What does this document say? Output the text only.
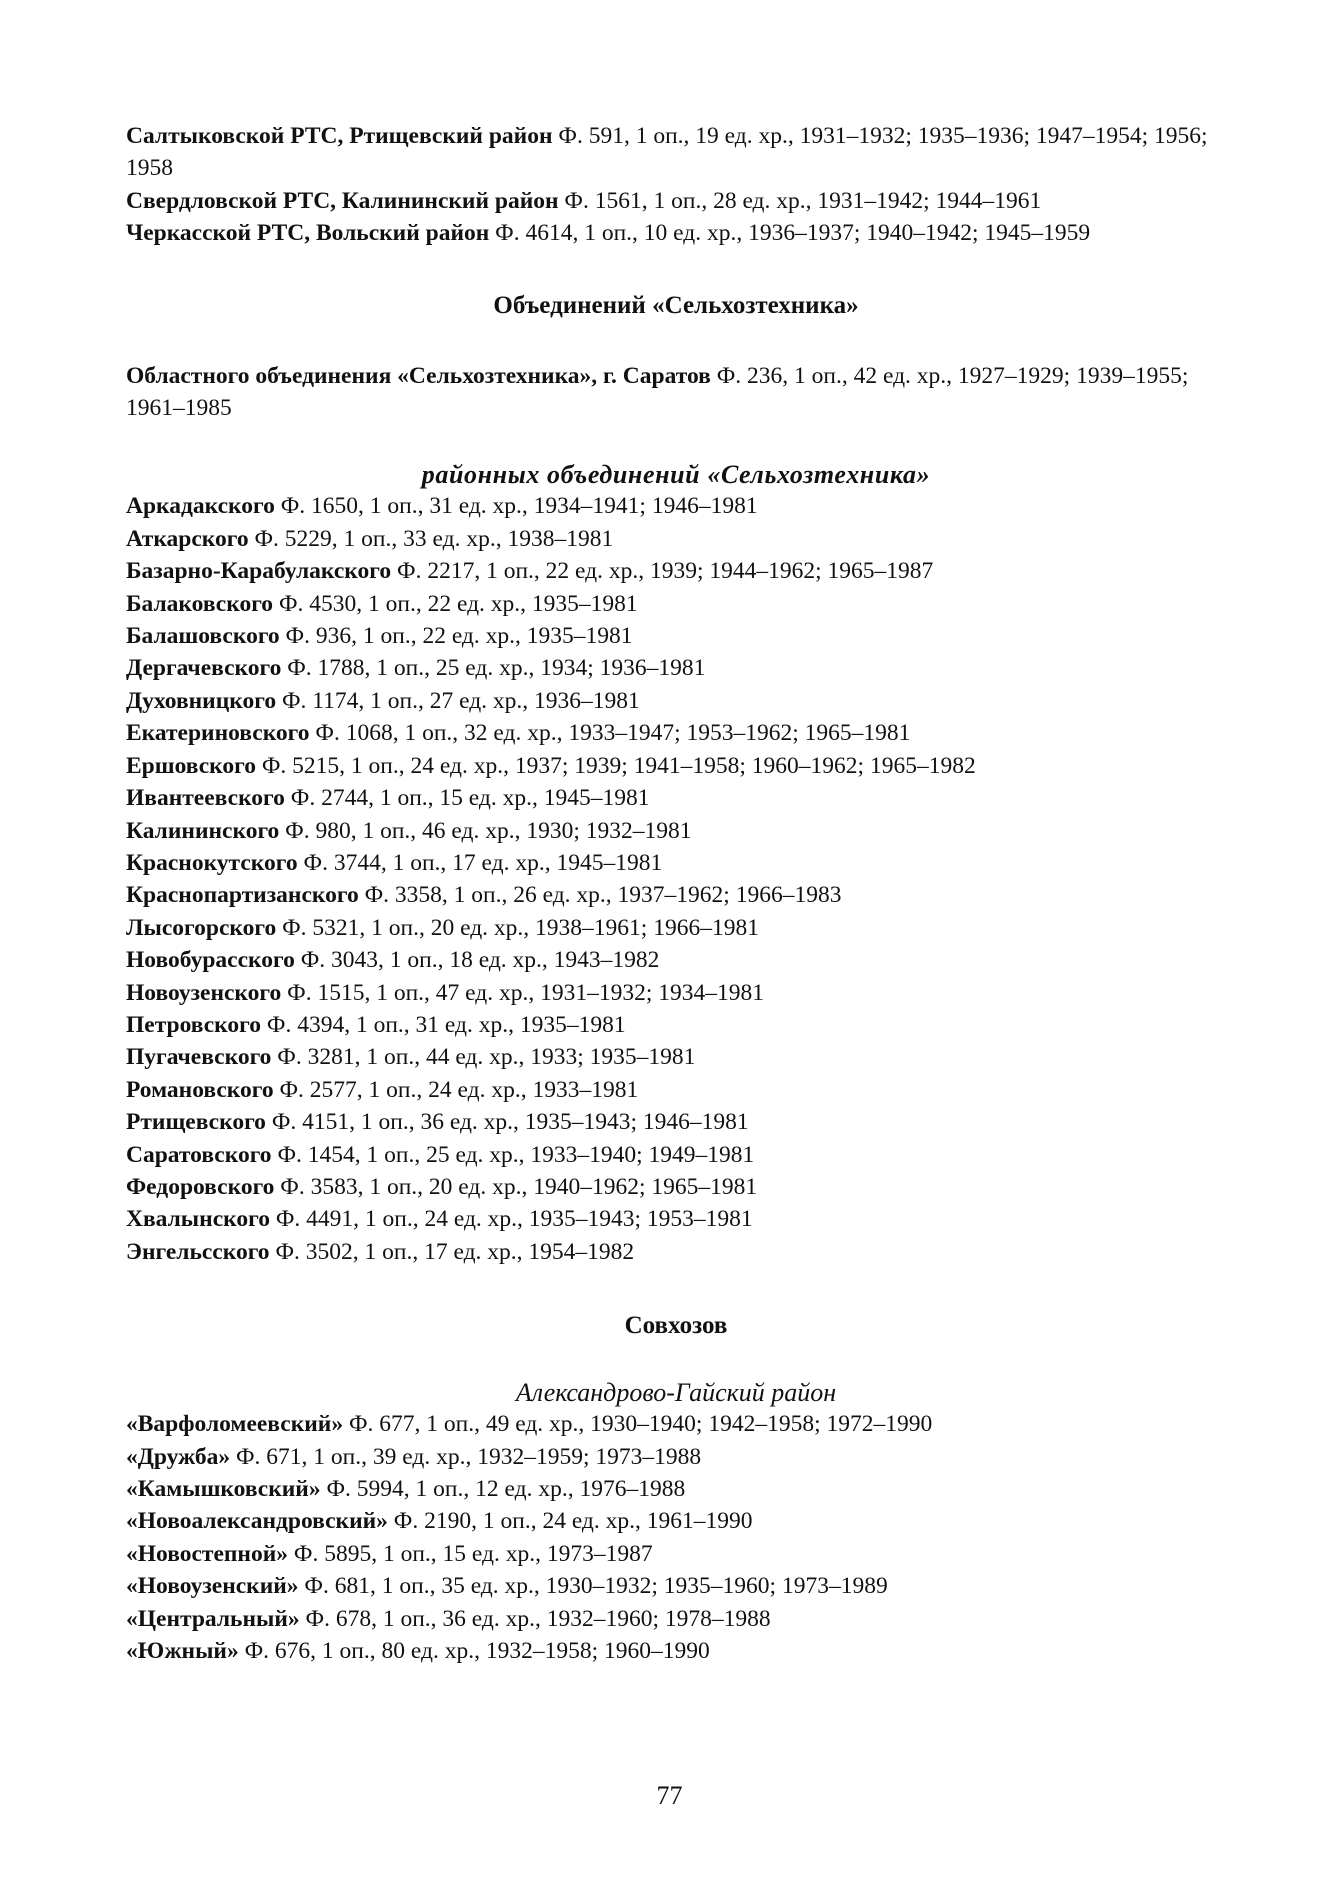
Салтыковской РТС, Ртищевский район Ф. 591, 1 оп., 19 ед. хр., 1931–1932; 1935–1936; 1947–1954; 1956; 1958
Свердловской РТС, Калининский район Ф. 1561, 1 оп., 28 ед. хр., 1931–1942; 1944–1961
Черкасской РТС, Вольский район Ф. 4614, 1 оп., 10 ед. хр., 1936–1937; 1940–1942; 1945–1959
Объединений «Сельхозтехника»
Областного объединения «Сельхозтехника», г. Саратов Ф. 236, 1 оп., 42 ед. хр., 1927–1929; 1939–1955; 1961–1985
районных объединений «Сельхозтехника»
Аркадакского Ф. 1650, 1 оп., 31 ед. хр., 1934–1941; 1946–1981
Аткарского Ф. 5229, 1 оп., 33 ед. хр., 1938–1981
Базарно-Карабулакского Ф. 2217, 1 оп., 22 ед. хр., 1939; 1944–1962; 1965–1987
Балаковского Ф. 4530, 1 оп., 22 ед. хр., 1935–1981
Балашовского Ф. 936, 1 оп., 22 ед. хр., 1935–1981
Дергачевского Ф. 1788, 1 оп., 25 ед. хр., 1934; 1936–1981
Духовницкого Ф. 1174, 1 оп., 27 ед. хр., 1936–1981
Екатериновского Ф. 1068, 1 оп., 32 ед. хр., 1933–1947; 1953–1962; 1965–1981
Ершовского Ф. 5215, 1 оп., 24 ед. хр., 1937; 1939; 1941–1958; 1960–1962; 1965–1982
Ивантеевского Ф. 2744, 1 оп., 15 ед. хр., 1945–1981
Калининского Ф. 980, 1 оп., 46 ед. хр., 1930; 1932–1981
Краснокутского Ф. 3744, 1 оп., 17 ед. хр., 1945–1981
Краснопартизанского Ф. 3358, 1 оп., 26 ед. хр., 1937–1962; 1966–1983
Лысогорского Ф. 5321, 1 оп., 20 ед. хр., 1938–1961; 1966–1981
Новобурасского Ф. 3043, 1 оп., 18 ед. хр., 1943–1982
Новоузенского Ф. 1515, 1 оп., 47 ед. хр., 1931–1932; 1934–1981
Петровского Ф. 4394, 1 оп., 31 ед. хр., 1935–1981
Пугачевского Ф. 3281, 1 оп., 44 ед. хр., 1933; 1935–1981
Романовского Ф. 2577, 1 оп., 24 ед. хр., 1933–1981
Ртищевского Ф. 4151, 1 оп., 36 ед. хр., 1935–1943; 1946–1981
Саратовского Ф. 1454, 1 оп., 25 ед. хр., 1933–1940; 1949–1981
Федоровского Ф. 3583, 1 оп., 20 ед. хр., 1940–1962; 1965–1981
Хвалынского Ф. 4491, 1 оп., 24 ед. хр., 1935–1943; 1953–1981
Энгельсского Ф. 3502, 1 оп., 17 ед. хр., 1954–1982
Совхозов
Александрово-Гайский район
«Варфоломеевский» Ф. 677, 1 оп., 49 ед. хр., 1930–1940; 1942–1958; 1972–1990
«Дружба» Ф. 671, 1 оп., 39 ед. хр., 1932–1959; 1973–1988
«Камышковский» Ф. 5994, 1 оп., 12 ед. хр., 1976–1988
«Новоалександровский» Ф. 2190, 1 оп., 24 ед. хр., 1961–1990
«Новостепной» Ф. 5895, 1 оп., 15 ед. хр., 1973–1987
«Новоузенский» Ф. 681, 1 оп., 35 ед. хр., 1930–1932; 1935–1960; 1973–1989
«Центральный» Ф. 678, 1 оп., 36 ед. хр., 1932–1960; 1978–1988
«Южный» Ф. 676, 1 оп., 80 ед. хр., 1932–1958; 1960–1990
77
